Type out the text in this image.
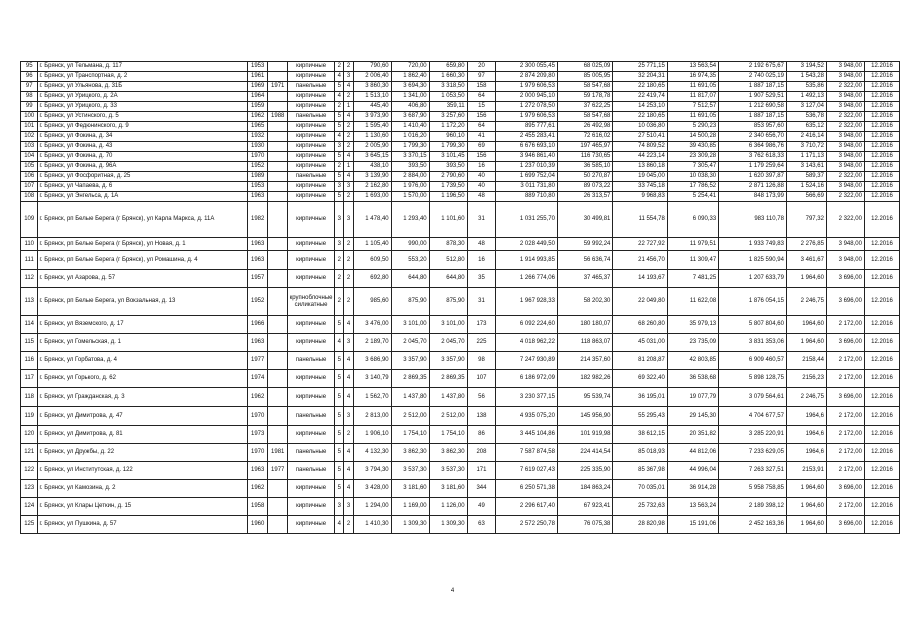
95	г. Брянск, ул Тельмана, д. 117	1953		кирпичные	2	2	790,60	720,00	659,80	20	2 300 055,45	68 025,09	25 771,15	13 563,54	2 192 675,67	3 194,52	3 948,00	12.2016
96	г. Брянск, ул Транспортная, д. 2	1961		кирпичные	4	3	2 006,40	1 862,40	1 660,30	97	2 874 209,80	85 005,95	32 204,31	16 974,35	2 740 025,19	1 543,28	3 948,00	12.2016
97	г. Брянск, ул Ульянова, д. 31Б	1969	1971	панельные	5	4	3 860,30	3 694,30	3 318,50	158	1 979 606,53	58 547,68	22 180,65	11 691,05	1 887 187,15	535,86	2 322,00	12.2016
98	г. Брянск, ул Урицкого, д. 2А	1964		кирпичные	4	2	1 513,10	1 341,00	1 053,50	64	2 000 945,10	59 178,78	22 419,74	11 817,07	1 907 529,51	1 492,13	3 948,00	12.2016
99	г. Брянск, ул Урицкого, д. 33	1959		кирпичные	2	1	445,40	406,80	359,11	15	1 272 078,50	37 622,25	14 253,10	7 512,57	1 212 690,58	3 127,04	3 948,00	12.2016
100	г. Брянск, ул Устинского, д. 5	1962	1988	панельные	5	4	3 973,90	3 687,90	3 257,60	156	1 979 606,53	58 547,68	22 180,65	11 691,05	1 887 187,15	536,78	2 322,00	12.2016
101	г. Брянск, ул Федюнинского, д. 9	1965		кирпичные	5	2	1 595,40	1 410,40	1 172,20	64	895 777,61	26 492,98	10 036,80	5 290,23	853 957,60	635,12	2 322,00	12.2016
102	г. Брянск, ул Фокина, д. 34	1932		кирпичные	4	2	1 130,60	1 016,20	960,10	41	2 455 283,41	72 616,02	27 510,41	14 500,28	2 340 656,70	2 416,14	3 948,00	12.2016
103	г. Брянск, ул Фокина, д. 43	1930		кирпичные	3	2	2 005,90	1 799,30	1 799,30	69	6 676 693,10	197 465,97	74 809,52	39 430,85	6 364 986,76	3 710,72	3 948,00	12.2016
104	г. Брянск, ул Фокина, д. 70	1970		кирпичные	5	4	3 645,15	3 370,15	3 101,45	156	3 946 861,40	116 730,65	44 223,14	23 309,28	3 762 618,33	1 171,13	3 948,00	12.2016
105	г. Брянск, ул Фокина, д. 96А	1952		кирпичные	2	1	438,10	393,50	393,50	16	1 237 010,39	36 585,10	13 860,18	7 305,47	1 179 259,64	3 143,61	3 948,00	12.2016
106	г. Брянск, ул Фосфоритная, д. 25	1989		панельные	5	4	3 139,90	2 884,00	2 790,60	40	1 699 752,04	50 270,87	19 045,00	10 038,30	1 620 397,87	589,37	2 322,00	12.2016
107	г. Брянск, ул Чапаева, д. 6	1953		кирпичные	3	3	2 162,80	1 976,00	1 739,50	40	3 011 731,80	89 073,22	33 745,18	17 786,52	2 871 126,88	1 524,16	3 948,00	12.2016
108	г. Брянск, ул Энгельса, д. 1А	1963		кирпичные	5	2	1 693,00	1 570,00	1 196,50	48	889 710,80	26 313,57	9 968,83	5 254,41	848 173,99	566,69	2 322,00	12.2016
109	г. Брянск, рп Белые Берега (г Брянск), ул Карла Маркса, д. 11А	1982		кирпичные	3	3	1 478,40	1 293,40	1 101,60	31	1 031 255,70	30 499,81	11 554,78	6 090,33	983 110,78	797,32	2 322,00	12.2016
110	г. Брянск, рп Белые Берега (г Брянск), ул Новая, д. 1	1963		кирпичные	3	2	1 105,40	990,00	878,30	48	2 028 449,50	59 992,24	22 727,92	11 979,51	1 933 749,83	2 276,85	3 948,00	12.2016
111	г. Брянск, рп Белые Берега (г Брянск), ул Ромашина, д. 4	1963		кирпичные	2	2	609,50	553,20	512,80	16	1 914 993,85	56 636,74	21 456,70	11 309,47	1 825 590,94	3 461,67	3 948,00	12.2016
112	г. Брянск, ул Азарова, д. 57	1957		кирпичные	2	2	692,80	644,80	644,80	35	1 266 774,06	37 465,37	14 193,67	7 481,25	1 207 633,79	1 964,60	3 696,00	12.2016
113	г. Брянск, рп Белые Берега, ул Вокзальная, д. 13	1952		крупноблочные силикатные	2	2	985,60	875,90	875,90	31	1 967 928,33	58 202,30	22 049,80	11 622,08	1 876 054,15	2 246,75	3 696,00	12.2016
114	г. Брянск, ул Вяземского, д. 17	1966		кирпичные	5	4	3 476,00	3 101,00	3 101,00	173	6 092 224,60	180 180,07	68 260,80	35 979,13	5 807 804,60	1964,60	2 172,00	12.2016
115	г. Брянск, ул Гомельская, д. 1	1963		кирпичные	4	3	2 189,70	2 045,70	2 045,70	225	4 018 962,22	118 863,07	45 031,00	23 735,09	3 831 353,06	1 964,60	3 696,00	12.2016
116	г. Брянск, ул Горбатова, д. 4	1977		панельные	5	4	3 686,90	3 357,90	3 357,90	98	7 247 930,89	214 357,60	81 208,87	42 803,85	6 909 460,57	2158,44	2 172,00	12.2016
117	г. Брянск, ул Горького, д. 62	1974		кирпичные	5	4	3 140,79	2 869,35	2 869,35	107	6 186 972,09	182 982,26	69 322,40	36 538,68	5 898 128,75	2156,23	2 172,00	12.2016
118	г. Брянск, ул Гражданская, д. 3	1962		кирпичные	5	4	1 562,70	1 437,80	1 437,80	56	3 230 377,15	95 539,74	36 195,01	19 077,79	3 079 564,61	2 246,75	3 696,00	12.2016
119	г. Брянск, ул Димитрова, д. 47	1970		панельные	5	3	2 813,00	2 512,00	2 512,00	138	4 935 075,20	145 956,90	55 295,43	29 145,30	4 704 677,57	1964,6	2 172,00	12.2016
120	г. Брянск, ул Димитрова, д. 81	1973		кирпичные	5	2	1 906,10	1 754,10	1 754,10	86	3 445 104,86	101 919,98	38 612,15	20 351,82	3 285 220,91	1964,6	2 172,00	12.2016
121	г. Брянск, ул Дружбы, д. 22	1970	1981	панельные	5	4	4 132,30	3 862,30	3 862,30	208	7 587 874,58	224 414,54	85 018,93	44 812,06	7 233 629,05	1964,6	2 172,00	12.2016
122	г. Брянск, ул Институтская, д. 122	1963	1977	панельные	5	4	3 794,30	3 537,30	3 537,30	171	7 619 027,43	225 335,90	85 367,98	44 996,04	7 263 327,51	2153,91	2 172,00	12.2016
123	г. Брянск, ул Камозина, д. 2	1962		кирпичные	5	4	3 428,00	3 181,60	3 181,60	344	6 250 571,38	184 863,24	70 035,01	36 914,28	5 958 758,85	1 964,60	3 696,00	12.2016
124	г. Брянск, ул Клары Цеткин, д. 15	1958		кирпичные	3	3	1 294,00	1 169,00	1 126,00	49	2 296 617,40	67 923,41	25 732,63	13 563,24	2 189 398,12	1 964,60	2 172,00	12.2016
125	г. Брянск, ул Пушкина, д. 57	1960		кирпичные	4	2	1 410,30	1 309,30	1 309,30	63	2 572 250,78	76 075,38	28 820,98	15 191,06	2 452 163,36	1 964,60	3 696,00	12.2016
4
